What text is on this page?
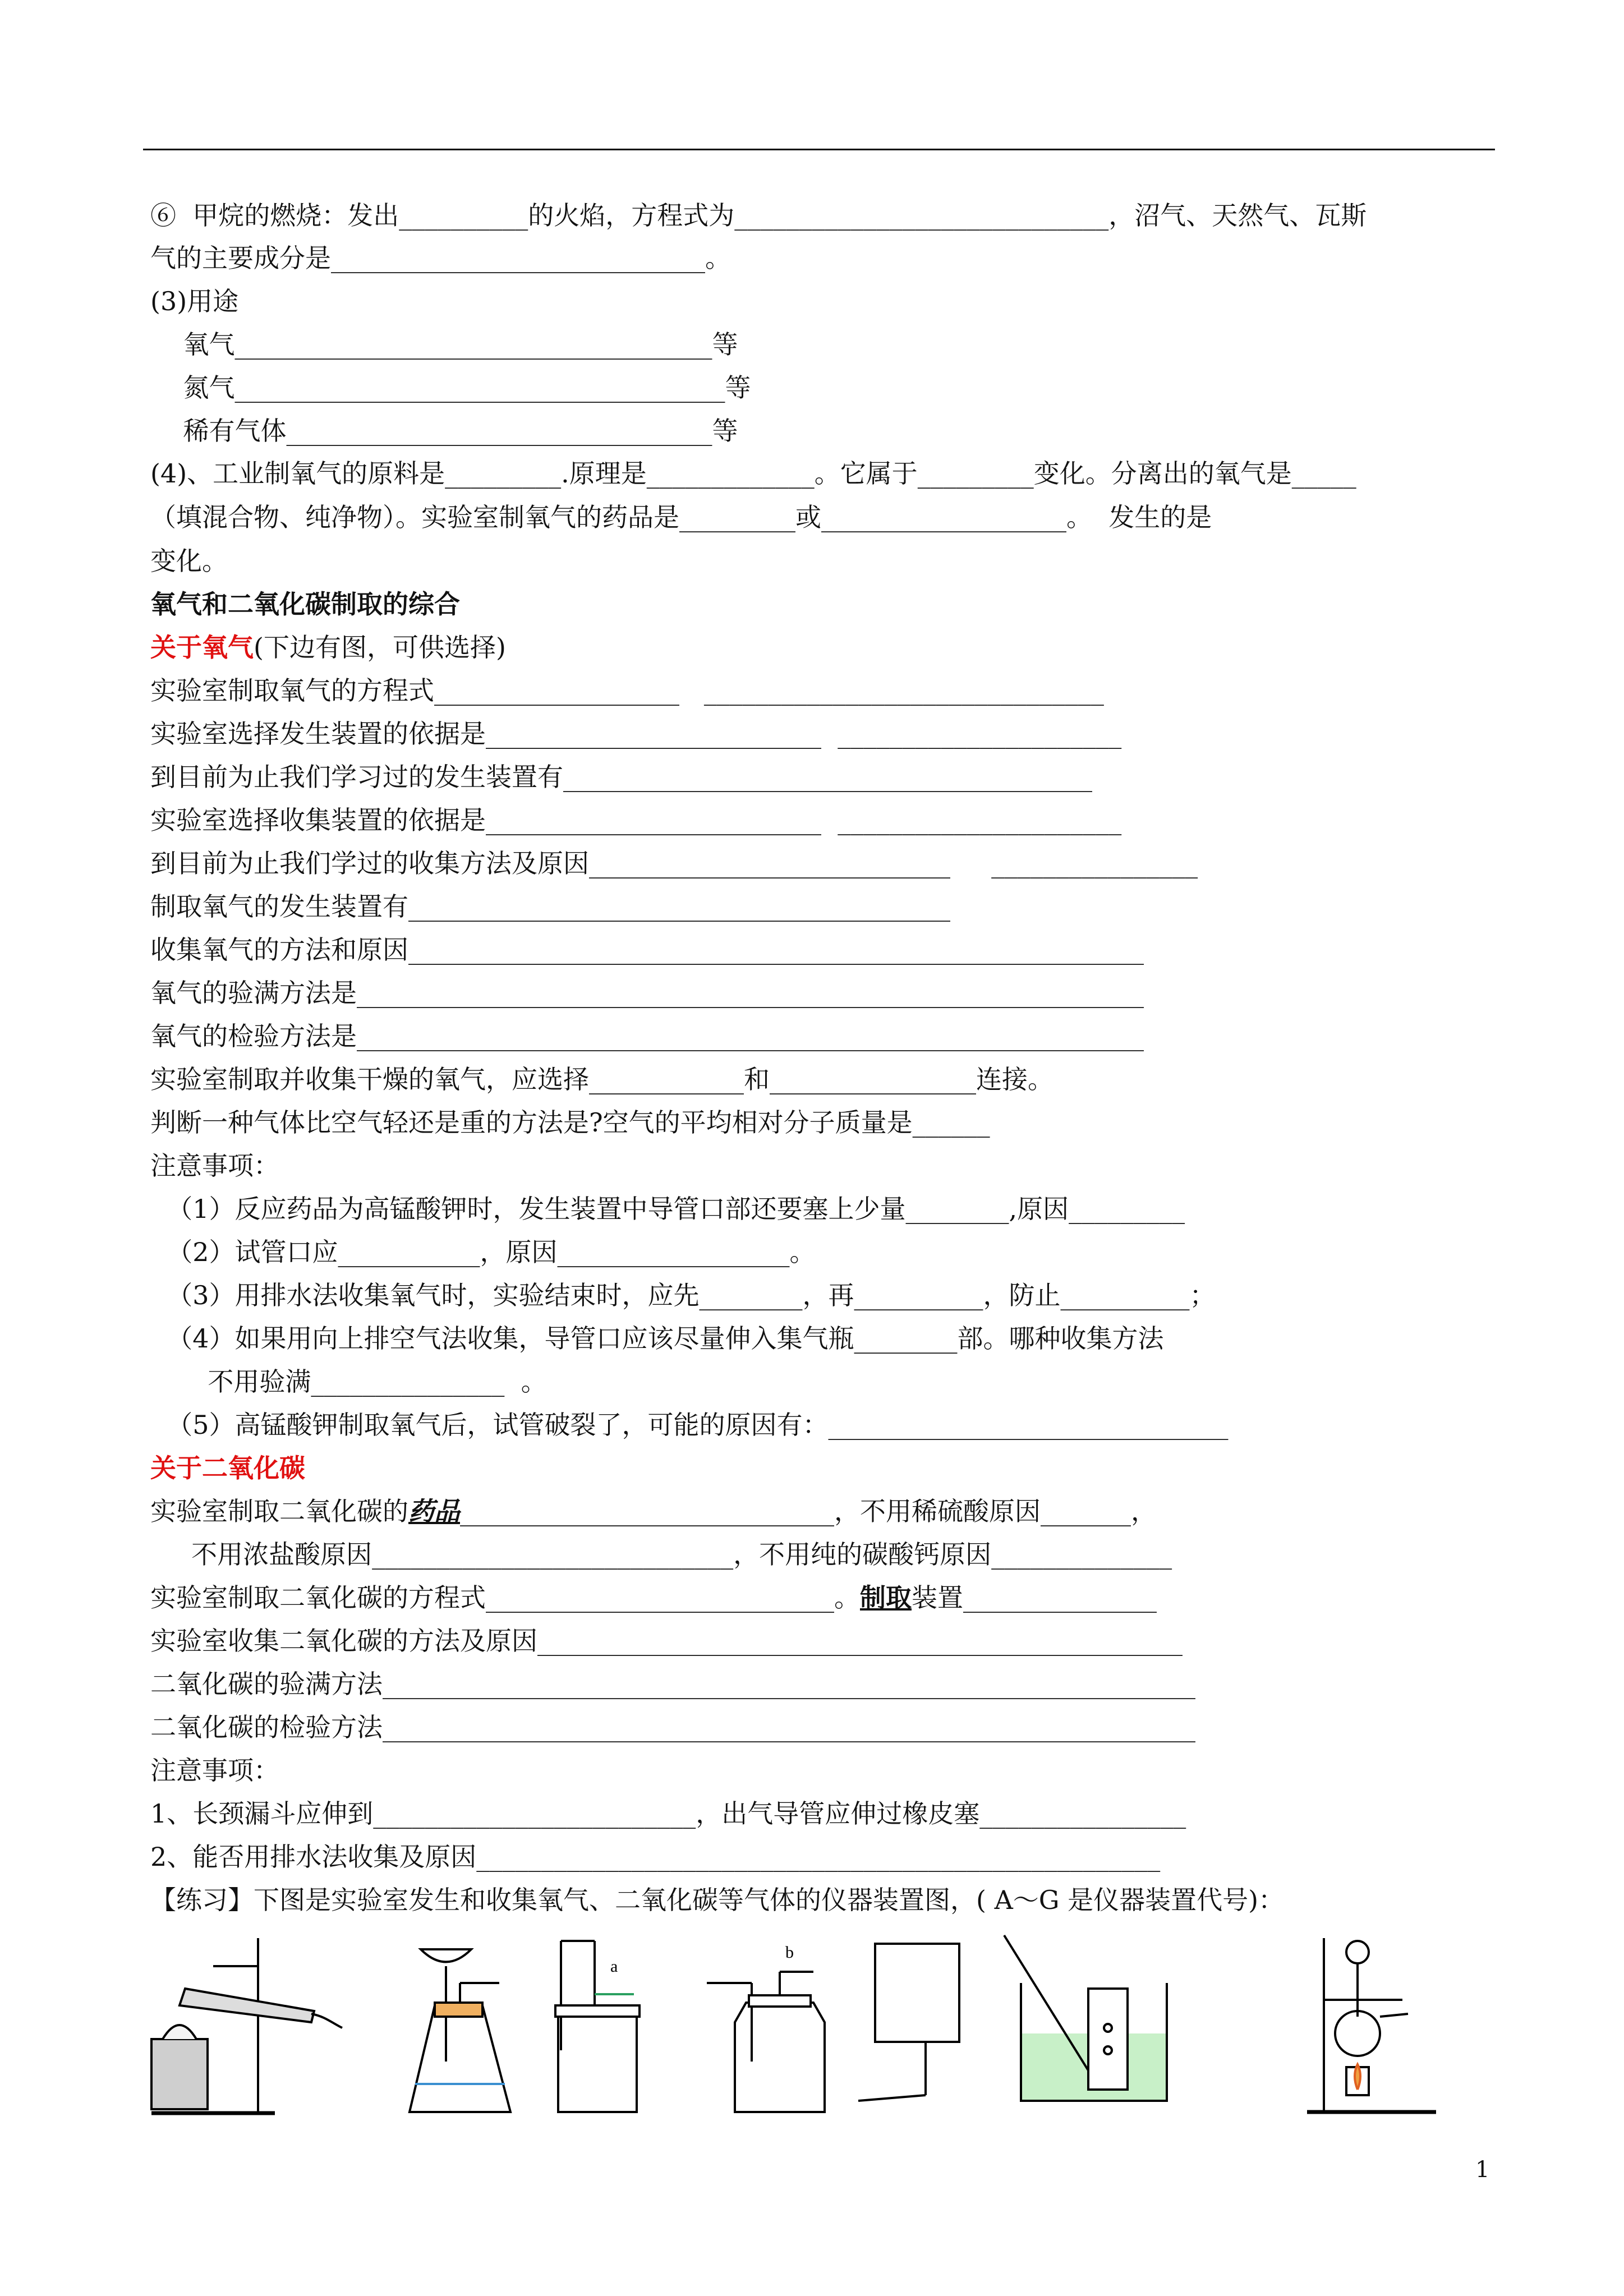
⑥  甲烷的燃烧：发出__________的火焰，方程式为_____________________________，沼气、天然气、瓦斯
气的主要成分是_____________________________。
(3)用途
氧气_____________________________________等
氮气______________________________________等
稀有气体_________________________________等
(4)、工业制氧气的原料是_________.原理是_____________。它属于_________变化。分离出的氧气是_____
（填混合物、纯净物）。实验室制氧气的药品是_________或___________________。  发生的是
变化。
氧气和二氧化碳制取的综合
关于氧气(下边有图，可供选择)
实验室制取氧气的方程式___________________   _______________________________
实验室选择发生装置的依据是__________________________  ______________________
到目前为止我们学习过的发生装置有_________________________________________
实验室选择收集装置的依据是__________________________  ______________________
到目前为止我们学过的收集方法及原因____________________________     ________________
制取氧气的发生装置有__________________________________________
收集氧气的方法和原因_________________________________________________________
氧气的验满方法是_____________________________________________________________
氧气的检验方法是_____________________________________________________________
实验室制取并收集干燥的氧气，应选择____________和________________连接。
判断一种气体比空气轻还是重的方法是?空气的平均相对分子质量是______
注意事项：
（1）反应药品为高锰酸钾时，发生装置中导管口部还要塞上少量________,原因_________
（2）试管口应___________，原因__________________。
（3）用排水法收集氧气时，实验结束时，应先________，再__________，防止__________；
（4）如果用向上排空气法收集，导管口应该尽量伸入集气瓶________部。哪种收集方法
不用验满_______________  。
（5）高锰酸钾制取氧气后，试管破裂了，可能的原因有：_______________________________
关于二氧化碳
实验室制取二氧化碳的药品_____________________________，不用稀硫酸原因_______，
不用浓盐酸原因____________________________，不用纯的碳酸钙原因______________
实验室制取二氧化碳的方程式___________________________。制取装置_______________
实验室收集二氧化碳的方法及原因__________________________________________________
二氧化碳的验满方法_______________________________________________________________
二氧化碳的检验方法_______________________________________________________________
注意事项：
1、长颈漏斗应伸到_________________________，出气导管应伸过橡皮塞________________
2、能否用排水法收集及原因_____________________________________________________
【练习】下图是实验室发生和收集氧气、二氧化碳等气体的仪器装置图，( A～G 是仪器装置代号)：
a
b
1
